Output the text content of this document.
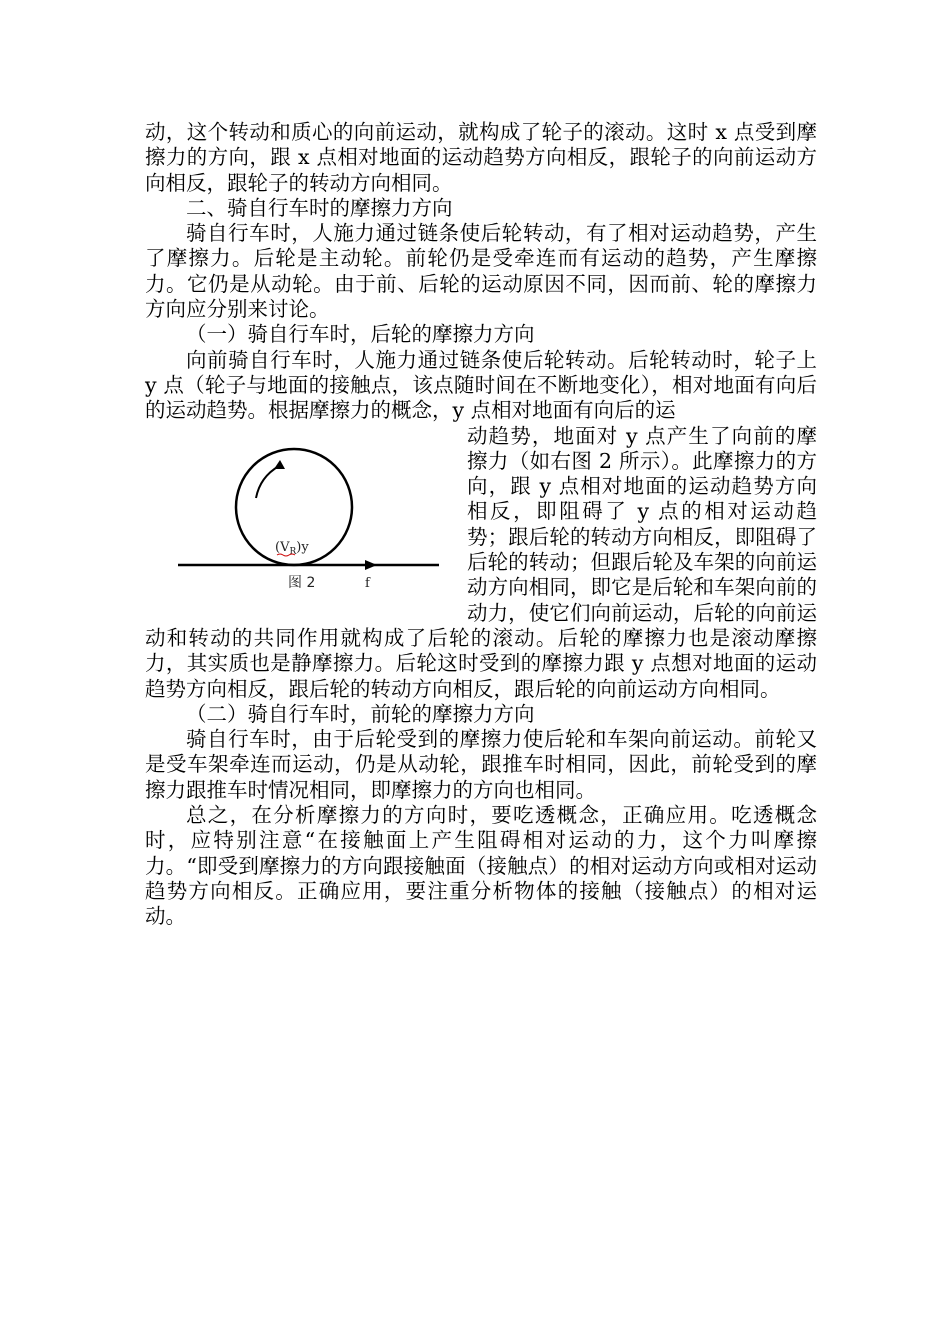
动，这个转动和质心的向前运动，就构成了轮子的滚动。这时 x 点受到摩擦力的方向，跟 x 点相对地面的运动趋势方向相反，跟轮子的向前运动方向相反，跟轮子的转动方向相同。

二、骑自行车时的摩擦力方向

骑自行车时，人施力通过链条使后轮转动，有了相对运动趋势，产生了摩擦力。后轮是主动轮。前轮仍是受牵连而有运动的趋势，产生摩擦力。它仍是从动轮。由于前、后轮的运动原因不同，因而前、轮的摩擦力方向应分别来讨论。

（一）骑自行车时，后轮的摩擦力方向

向前骑自行车时，人施力通过链条使后轮转动。后轮转动时，轮子上 y 点（轮子与地面的接触点，该点随时间在不断地变化），相对地面有向后的运动趋势。根据摩擦力的概念，y 点相对地面有向后的运

$(V_R)y$
图 2	f

动趋势，地面对 y 点产生了向前的摩擦力（如右图 2 所示）。此摩擦力的方向，跟 y 点相对地面的运动趋势方向相反，即阻碍了 y 点的相对运动趋势；跟后轮的转动方向相反，即阻碍了后轮的转动；但跟后轮及车架的向前运动方向相同，即它是后轮和车架向前的动力，使它们向前运动，后轮的向前运动和转动的共同作用就构成了后轮的滚动。后轮的摩擦力也是滚动摩擦力，其实质也是静摩擦力。后轮这时受到的摩擦力跟 y 点想对地面的运动趋势方向相反，跟后轮的转动方向相反，跟后轮的向前运动方向相同。

（二）骑自行车时，前轮的摩擦力方向

骑自行车时，由于后轮受到的摩擦力使后轮和车架向前运动。前轮又是受车架牵连而运动，仍是从动轮，跟推车时相同，因此，前轮受到的摩擦力跟推车时情况相同，即摩擦力的方向也相同。

总之，在分析摩擦力的方向时，要吃透概念，正确应用。吃透概念时，应特别注意“在接触面上产生阻碍相对运动的力，这个力叫摩擦力。“即受到摩擦力的方向跟接触面（接触点）的相对运动方向或相对运动趋势方向相反。正确应用，要注重分析物体的接触（接触点）的相对运动。
